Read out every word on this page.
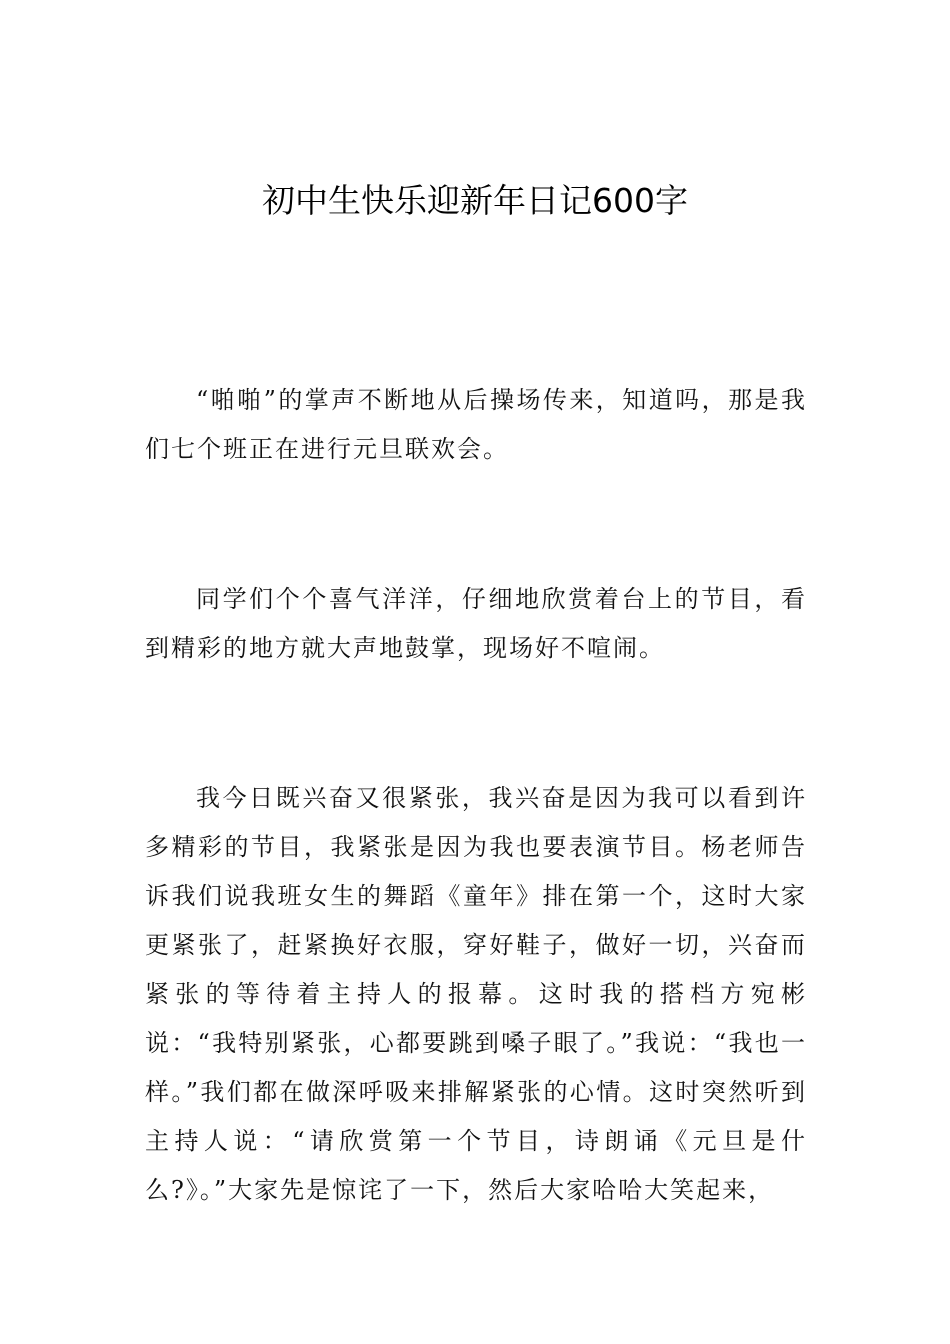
初中生快乐迎新年日记600字

“啪啪”的掌声不断地从后操场传来，知道吗，那是我们七个班正在进行元旦联欢会。

同学们个个喜气洋洋，仔细地欣赏着台上的节目，看到精彩的地方就大声地鼓掌，现场好不喧闹。

我今日既兴奋又很紧张，我兴奋是因为我可以看到许多精彩的节目，我紧张是因为我也要表演节目。杨老师告诉我们说我班女生的舞蹈《童年》排在第一个，这时大家更紧张了，赶紧换好衣服，穿好鞋子，做好一切，兴奋而紧张的等待着主持人的报幕。这时我的搭档方宛彬说：“我特别紧张，心都要跳到嗓子眼了。”我说：“我也一样。”我们都在做深呼吸来排解紧张的心情。这时突然听到主持人说：“请欣赏第一个节目，诗朗诵《元旦是什么?》。”大家先是惊诧了一下，然后大家哈哈大笑起来，
